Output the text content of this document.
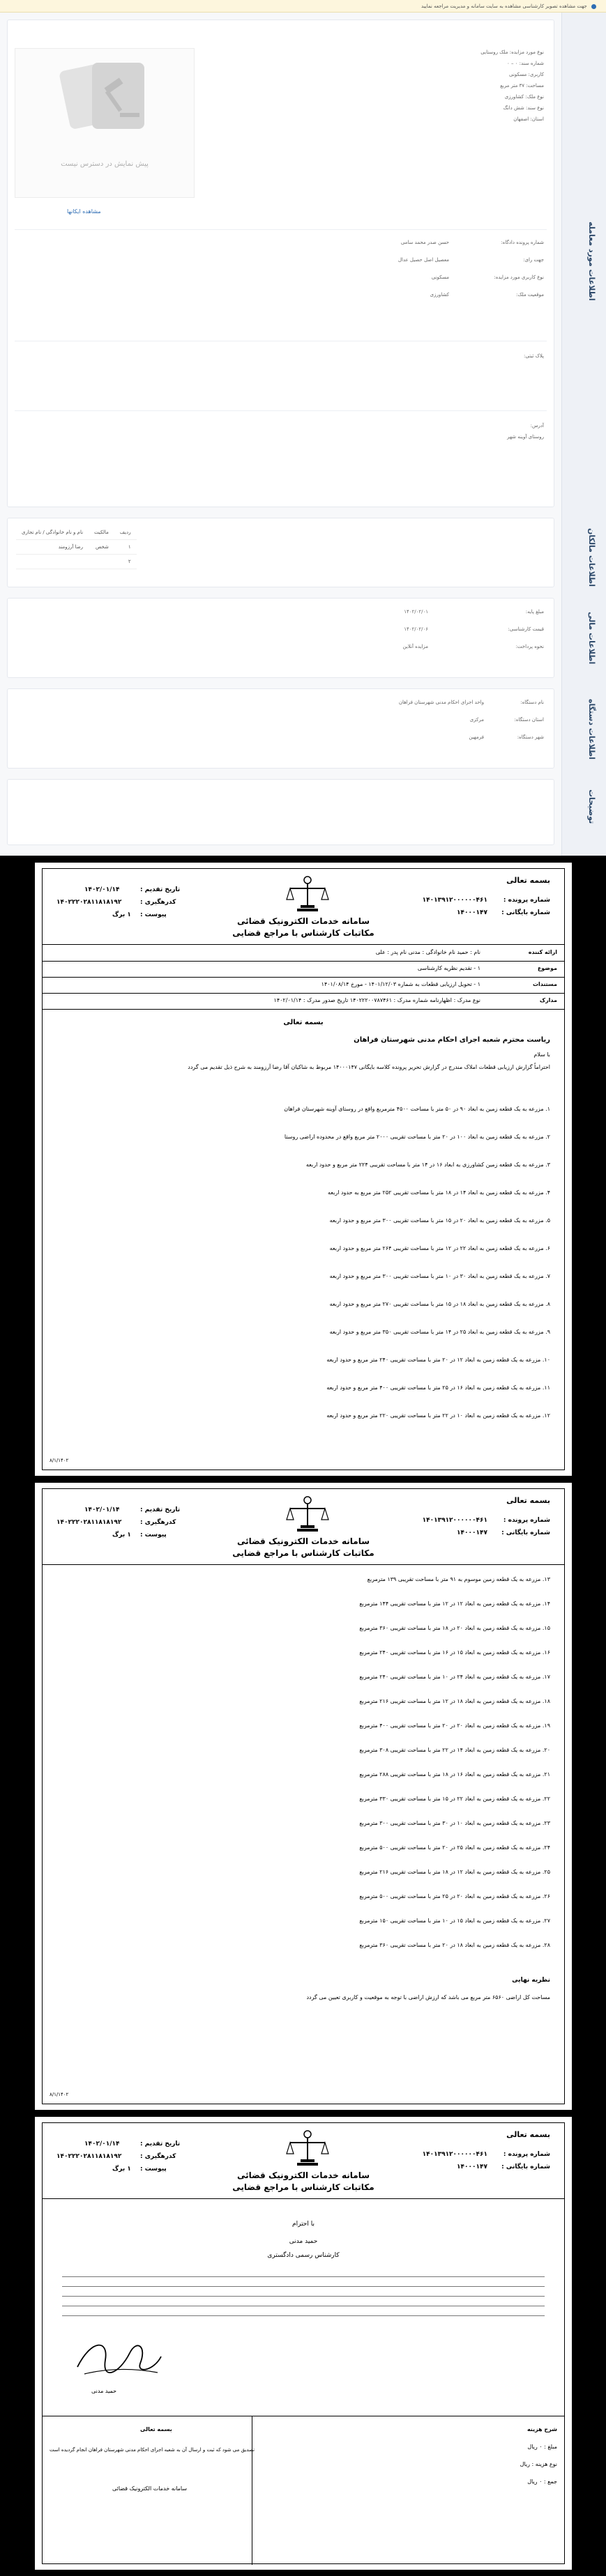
جهت مشاهده تصویر کارشناسی مشاهده به سایت سامانه و مدیریت مراجعه نمایید
اطلاعات مورد معامله
اطلاعات مالکان
اطلاعات مالی
اطلاعات دستگاه
توضیحات
پیش نمایش در دسترس نیست
مشاهده ایکانها
نوع مورد مزایده: ملک روستایی
شماره سند: ۰ – ۰
کاربری: مسکونی
مساحت: ۳۷ متر مربع
نوع ملک: کشاورزی
نوع سند: شش دانگ
استان: اصفهان
شماره پرونده دادگاه:
حسن صدر محمد سامی
جهت رای:
معصیل اصل حصیل عدال
نوع کاربری مورد مزایده:
مسکونی
موقعیت ملک:
کشاورزی
پلاک ثبتی:
آدرس:
روستای آوینه شهر
ردیف	مالکیت	نام و نام خانوادگی / نام تجاری
۱	شخص	رضا آرزومند
۲		
مبلغ پایه:
۱۴۰۲/۰۲/۰۱
قیمت کارشناسی:
۱۴۰۲/۰۲/۰۶
نحوه پرداخت:
مزایده آنلاین
نام دستگاه:
واحد اجرای احکام مدنی شهرستان فراهان
استان دستگاه:
مرکزی
شهر دستگاه:
فرمهین
بسمه تعالی
شماره پرونده :
۱۴۰۱۳۹۱۲۰۰۰۰۰۰۴۶۱
شماره بایگانی :
۱۴۰۰۰۱۴۷
تاریخ تقدیم :
۱۴۰۲/۰۱/۱۴
کدرهگیری :
۱۴۰۲۲۲۰۲۸۱۱۸۱۸۱۹۲
پیوست :
۱ برگ
سامانه خدمات الکترونیک قضائی
مکاتبات کارشناس با مراجع قضایی
ارائه کننده
نام : حمید نام خانوادگی : مدنی نام پدر : علی
موضوع
۱ - تقدیم نظریه کارشناسی
مستندات
۱ - تحویل ارزیابی قطعات به شماره ۱۴۰۱/۱۲/۰۳ - مورخ ۱۴۰۱/۰۸/۱۴
مدارک
نوع مدرک : اظهارنامه شماره مدرک : ۱۴۰۲۲۲۰۰۷۸۷۴۶۱ تاریخ صدور مدرک : ۱۴۰۲/۰۱/۱۴
بسمه تعالی
ریاست محترم شعبه اجرای احکام مدنی شهرستان فراهان
با سلام
احتراماً گزارش ارزیابی قطعات املاک مندرج در گزارش تحریر پرونده کلاسه بایگانی ۱۴۰۰۰۱۴۷ مربوط به شاکیان آقا رضا آرزومند به شرح ذیل تقدیم می گردد
۱. مزرعه به یک قطعه زمین به ابعاد ۹۰ در ۵۰ متر با مساحت ۴۵۰۰ مترمربع واقع در روستای آوینه شهرستان فراهان
۲. مزرعه به یک قطعه زمین به ابعاد ۱۰۰ در ۲۰ متر با مساحت تقریبی ۲۰۰۰ متر مربع واقع در محدوده اراضی روستا
۳. مزرعه به یک قطعه زمین کشاورزی به ابعاد ۱۶ در ۱۴ متر با مساحت تقریبی ۲۲۴ متر مربع و حدود اربعه
۴. مزرعه به یک قطعه زمین به ابعاد ۱۴ در ۱۸ متر با مساحت تقریبی ۲۵۲ متر مربع به حدود اربعه
۵. مزرعه به یک قطعه زمین به ابعاد ۲۰ در ۱۵ متر با مساحت تقریبی ۳۰۰ متر مربع و حدود اربعه
۶. مزرعه به یک قطعه زمین به ابعاد ۲۲ در ۱۲ متر با مساحت تقریبی ۲۶۴ متر مربع و حدود اربعه
۷. مزرعه به یک قطعه زمین به ابعاد ۳۰ در ۱۰ متر با مساحت تقریبی ۳۰۰ متر مربع و حدود اربعه
۸. مزرعه به یک قطعه زمین به ابعاد ۱۸ در ۱۵ متر با مساحت تقریبی ۲۷۰ متر مربع و حدود اربعه
۹. مزرعه به یک قطعه زمین به ابعاد ۲۵ در ۱۴ متر با مساحت تقریبی ۳۵۰ متر مربع و حدود اربعه
۱۰. مزرعه به یک قطعه زمین به ابعاد ۱۲ در ۲۰ متر با مساحت تقریبی ۲۴۰ متر مربع و حدود اربعه
۱۱. مزرعه به یک قطعه زمین به ابعاد ۱۶ در ۲۵ متر با مساحت تقریبی ۴۰۰ متر مربع و حدود اربعه
۱۲. مزرعه به یک قطعه زمین به ابعاد ۱۰ در ۲۲ متر با مساحت تقریبی ۲۲۰ متر مربع و حدود اربعه
۸/۱/۱۴۰۲
بسمه تعالی
شماره پرونده :
۱۴۰۱۳۹۱۲۰۰۰۰۰۰۴۶۱
شماره بایگانی :
۱۴۰۰۰۱۴۷
تاریخ تقدیم :
۱۴۰۲/۰۱/۱۴
کدرهگیری :
۱۴۰۲۲۲۰۲۸۱۱۸۱۸۱۹۲
پیوست :
۱ برگ
سامانه خدمات الکترونیک قضائی
مکاتبات کارشناس با مراجع قضایی
۱۳. مزرعه به یک قطعه زمین موسوم به ۹۱ متر با مساحت تقریبی ۱۳۹ مترمربع
۱۴. مزرعه به یک قطعه زمین به ابعاد ۱۲ در ۱۲ متر با مساحت تقریبی ۱۴۴ مترمربع
۱۵. مزرعه به یک قطعه زمین به ابعاد ۲۰ در ۱۸ متر با مساحت تقریبی ۳۶۰ مترمربع
۱۶. مزرعه به یک قطعه زمین به ابعاد ۱۵ در ۱۶ متر با مساحت تقریبی ۲۴۰ مترمربع
۱۷. مزرعه به یک قطعه زمین به ابعاد ۲۴ در ۱۰ متر با مساحت تقریبی ۲۴۰ مترمربع
۱۸. مزرعه به یک قطعه زمین به ابعاد ۱۸ در ۱۲ متر با مساحت تقریبی ۲۱۶ مترمربع
۱۹. مزرعه به یک قطعه زمین به ابعاد ۲۰ در ۲۰ متر با مساحت تقریبی ۴۰۰ مترمربع
۲۰. مزرعه به یک قطعه زمین به ابعاد ۱۴ در ۲۲ متر با مساحت تقریبی ۳۰۸ مترمربع
۲۱. مزرعه به یک قطعه زمین به ابعاد ۱۶ در ۱۸ متر با مساحت تقریبی ۲۸۸ مترمربع
۲۲. مزرعه به یک قطعه زمین به ابعاد ۲۲ در ۱۵ متر با مساحت تقریبی ۳۳۰ مترمربع
۲۳. مزرعه به یک قطعه زمین به ابعاد ۱۰ در ۳۰ متر با مساحت تقریبی ۳۰۰ مترمربع
۲۴. مزرعه به یک قطعه زمین به ابعاد ۲۵ در ۲۰ متر با مساحت تقریبی ۵۰۰ مترمربع
۲۵. مزرعه به یک قطعه زمین به ابعاد ۱۲ در ۱۸ متر با مساحت تقریبی ۲۱۶ مترمربع
۲۶. مزرعه به یک قطعه زمین به ابعاد ۲۰ در ۲۵ متر با مساحت تقریبی ۵۰۰ مترمربع
۲۷. مزرعه به یک قطعه زمین به ابعاد ۱۵ در ۱۰ متر با مساحت تقریبی ۱۵۰ مترمربع
۲۸. مزرعه به یک قطعه زمین به ابعاد ۱۸ در ۲۰ متر با مساحت تقریبی ۳۶۰ مترمربع
نظریه نهایی
مساحت کل اراضی ۶۵۶۰ متر مربع می باشد که ارزش اراضی با توجه به موقعیت و کاربری تعیین می گردد
۸/۱/۱۴۰۲
بسمه تعالی
شماره پرونده :
۱۴۰۱۳۹۱۲۰۰۰۰۰۰۴۶۱
شماره بایگانی :
۱۴۰۰۰۱۴۷
تاریخ تقدیم :
۱۴۰۲/۰۱/۱۴
کدرهگیری :
۱۴۰۲۲۲۰۲۸۱۱۸۱۸۱۹۲
پیوست :
۱ برگ
سامانه خدمات الکترونیک قضائی
مکاتبات کارشناس با مراجع قضایی
با احترام
حمید مدنی
کارشناس رسمی دادگستری
حمید مدنی
شرح هزینه
مبلغ : ۰ ریال
نوع هزینه : ریال
جمع : ۰ ریال
بسمه تعالی
تصدیق می شود که ثبت و ارسال آن به شعبه اجرای احکام مدنی شهرستان فراهان انجام گردیده است
سامانه خدمات الکترونیک قضائی
